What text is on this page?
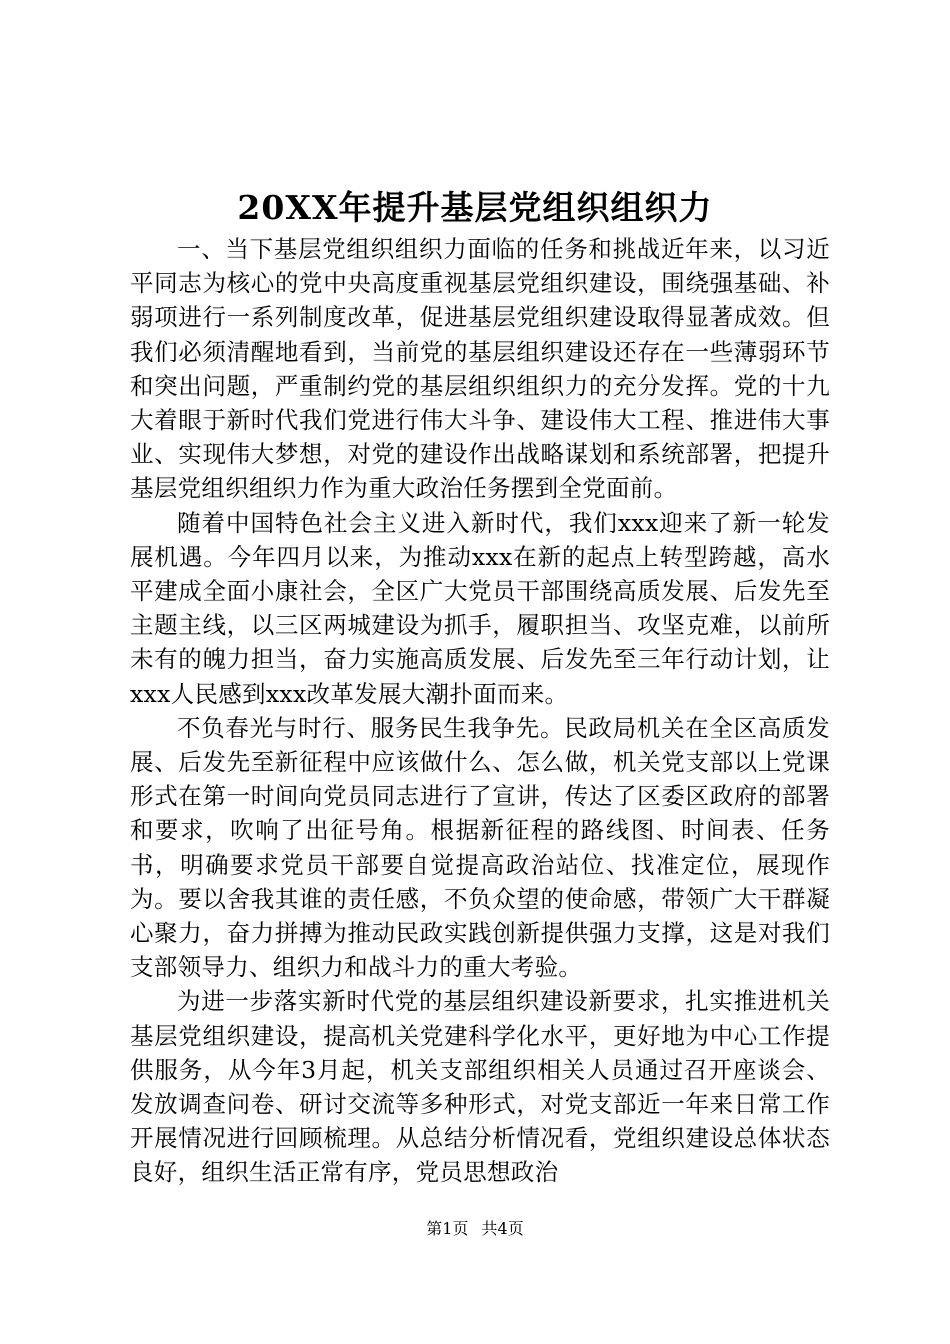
20XX年提升基层党组织组织力

一、当下基层党组织组织力面临的任务和挑战近年来，以习近平同志为核心的党中央高度重视基层党组织建设，围绕强基础、补弱项进行一系列制度改革，促进基层党组织建设取得显著成效。但我们必须清醒地看到，当前党的基层组织建设还存在一些薄弱环节和突出问题，严重制约党的基层组织组织力的充分发挥。党的十九大着眼于新时代我们党进行伟大斗争、建设伟大工程、推进伟大事业、实现伟大梦想，对党的建设作出战略谋划和系统部署，把提升基层党组织组织力作为重大政治任务摆到全党面前。

随着中国特色社会主义进入新时代，我们xxx迎来了新一轮发展机遇。今年四月以来，为推动xxx在新的起点上转型跨越，高水平建成全面小康社会，全区广大党员干部围绕高质发展、后发先至主题主线，以三区两城建设为抓手，履职担当、攻坚克难，以前所未有的魄力担当，奋力实施高质发展、后发先至三年行动计划，让xxx人民感到xxx改革发展大潮扑面而来。

不负春光与时行、服务民生我争先。民政局机关在全区高质发展、后发先至新征程中应该做什么、怎么做，机关党支部以上党课形式在第一时间向党员同志进行了宣讲，传达了区委区政府的部署和要求，吹响了出征号角。根据新征程的路线图、时间表、任务书，明确要求党员干部要自觉提高政治站位、找准定位，展现作为。要以舍我其谁的责任感，不负众望的使命感，带领广大干群凝心聚力，奋力拼搏为推动民政实践创新提供强力支撑，这是对我们支部领导力、组织力和战斗力的重大考验。

为进一步落实新时代党的基层组织建设新要求，扎实推进机关基层党组织建设，提高机关党建科学化水平，更好地为中心工作提供服务，从今年3月起，机关支部组织相关人员通过召开座谈会、发放调查问卷、研讨交流等多种形式，对党支部近一年来日常工作开展情况进行回顾梳理。从总结分析情况看，党组织建设总体状态良好，组织生活正常有序，党员思想政治

第1页 共4页
